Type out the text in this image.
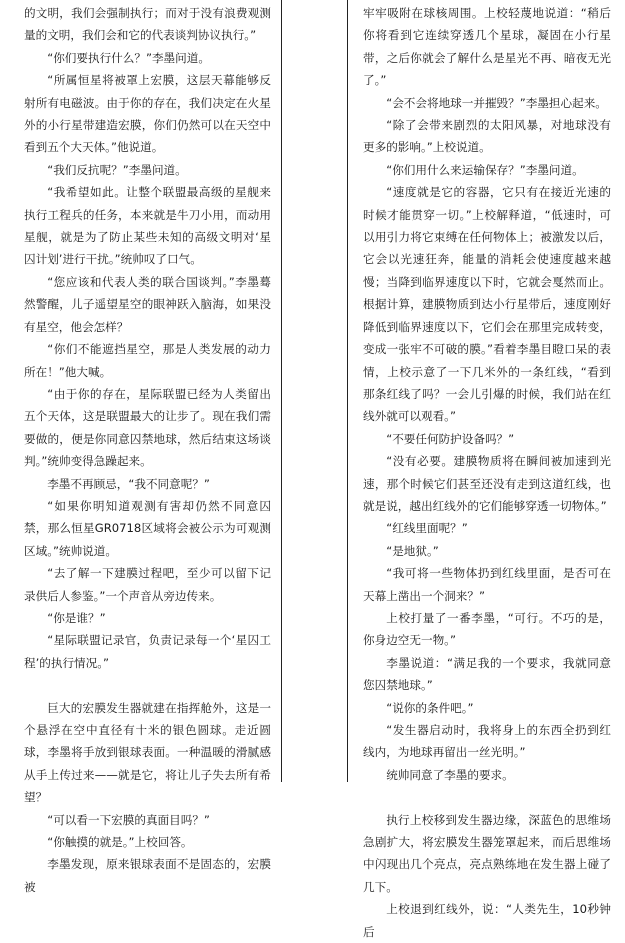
的文明，我们会强制执行；而对于没有浪费观测量的文明，我们会和它的代表谈判协议执行。”

“你们要执行什么？”李墨问道。

“所属恒星将被罩上宏膜，这层天幕能够反射所有电磁波。由于你的存在，我们决定在火星外的小行星带建造宏膜，你们仍然可以在天空中看到五个大天体。”他说道。

“我们反抗呢？”李墨问道。

“我希望如此。让整个联盟最高级的星舰来执行工程兵的任务，本来就是牛刀小用，而动用星舰，就是为了防止某些未知的高级文明对‘星囚计划’进行干扰。”统帅叹了口气。

“您应该和代表人类的联合国谈判。”李墨蓦然警醒，儿子遥望星空的眼神跃入脑海，如果没有星空，他会怎样？

“你们不能遮挡星空，那是人类发展的动力所在！”他大喊。

“由于你的存在，星际联盟已经为人类留出五个天体，这是联盟最大的让步了。现在我们需要做的，便是你同意囚禁地球，然后结束这场谈判。”统帅变得急躁起来。

李墨不再顾忌，“我不同意呢？”

“如果你明知道观测有害却仍然不同意囚禁，那么恒星GR0718区域将会被公示为可观测区域。”统帅说道。

“去了解一下建膜过程吧，至少可以留下记录供后人参鉴。”一个声音从旁边传来。

“你是谁？”

“星际联盟记录官，负责记录每一个‘星囚工程’的执行情况。”

巨大的宏膜发生器就建在指挥舱外，这是一个悬浮在空中直径有十米的银色圆球。走近圆球，李墨将手放到银球表面。一种温暖的滑腻感从手上传过来——就是它，将让儿子失去所有希望？

“可以看一下宏膜的真面目吗？”

“你触摸的就是。”上校回答。

李墨发现，原来银球表面不是固态的，宏膜被

牢牢吸附在球核周围。上校轻蔑地说道：“稍后你将看到它连续穿透几个星球，凝固在小行星带，之后你就会了解什么是星光不再、暗夜无光了。”

“会不会将地球一并摧毁？”李墨担心起来。

“除了会带来剧烈的太阳风暴，对地球没有更多的影响。”上校说道。

“你们用什么来运输保存？”李墨问道。

“速度就是它的容器，它只有在接近光速的时候才能贯穿一切。”上校解释道，“低速时，可以用引力将它束缚在任何物体上；被激发以后，它会以光速狂奔，能量的消耗会使速度越来越慢；当降到临界速度以下时，它就会戛然而止。根据计算，建膜物质到达小行星带后，速度刚好降低到临界速度以下，它们会在那里完成转变，变成一张牢不可破的膜。”看着李墨目瞪口呆的表情，上校示意了一下几米外的一条红线，“看到那条红线了吗？一会儿引爆的时候，我们站在红线外就可以观看。”

“不要任何防护设备吗？”

“没有必要。建膜物质将在瞬间被加速到光速，那个时候它们甚至还没有走到这道红线，也就是说，越出红线外的它们能够穿透一切物体。”

“红线里面呢？”

“是地狱。”

“我可将一些物体扔到红线里面，是否可在天幕上凿出一个洞来？”

上校打量了一番李墨，“可行。不巧的是，你身边空无一物。”

李墨说道：“满足我的一个要求，我就同意您囚禁地球。”

“说你的条件吧。”

“发生器启动时，我将身上的东西全扔到红线内，为地球再留出一丝光明。”

统帅同意了李墨的要求。

执行上校移到发生器边缘，深蓝色的思维场急剧扩大，将宏膜发生器笼罩起来，而后思维场中闪现出几个亮点，亮点熟练地在发生器上碰了几下。

上校退到红线外，说：“人类先生，10秒钟后
